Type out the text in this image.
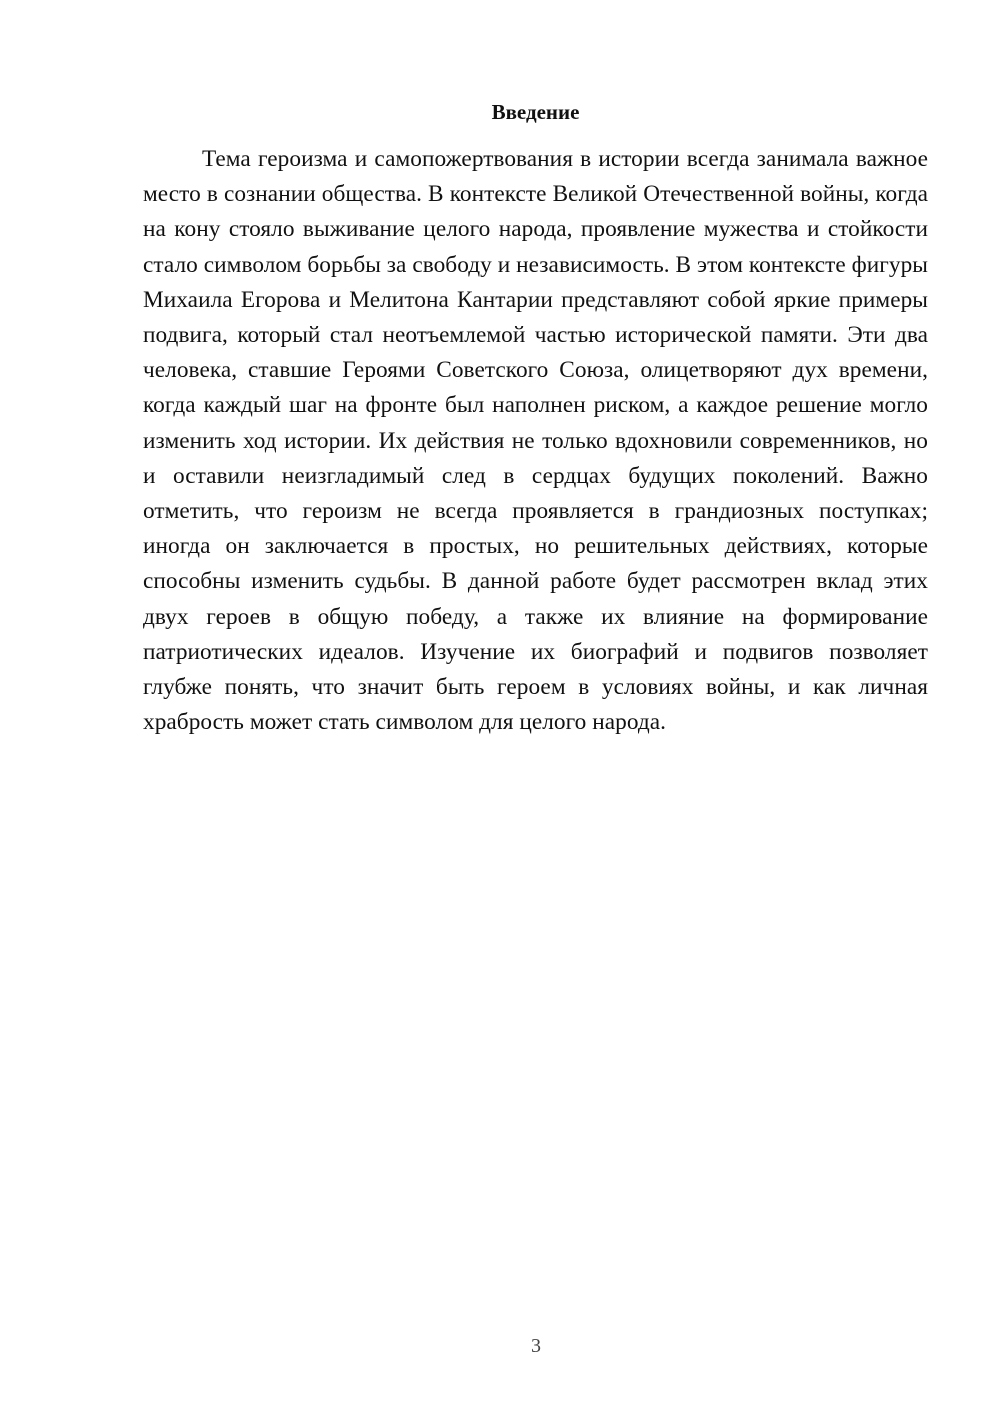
Введение

Тема героизма и самопожертвования в истории всегда занимала важное место в сознании общества. В контексте Великой Отечественной войны, когда на кону стояло выживание целого народа, проявление мужества и стойкости стало символом борьбы за свободу и независимость. В этом контексте фигуры Михаила Егорова и Мелитона Кантарии представляют собой яркие примеры подвига, который стал неотъемлемой частью исторической памяти. Эти два человека, ставшие Героями Советского Союза, олицетворяют дух времени, когда каждый шаг на фронте был наполнен риском, а каждое решение могло изменить ход истории. Их действия не только вдохновили современников, но и оставили неизгладимый след в сердцах будущих поколений. Важно отметить, что героизм не всегда проявляется в грандиозных поступках; иногда он заключается в простых, но решительных действиях, которые способны изменить судьбы. В данной работе будет рассмотрен вклад этих двух героев в общую победу, а также их влияние на формирование патриотических идеалов. Изучение их биографий и подвигов позволяет глубже понять, что значит быть героем в условиях войны, и как личная храбрость может стать символом для целого народа.

3
